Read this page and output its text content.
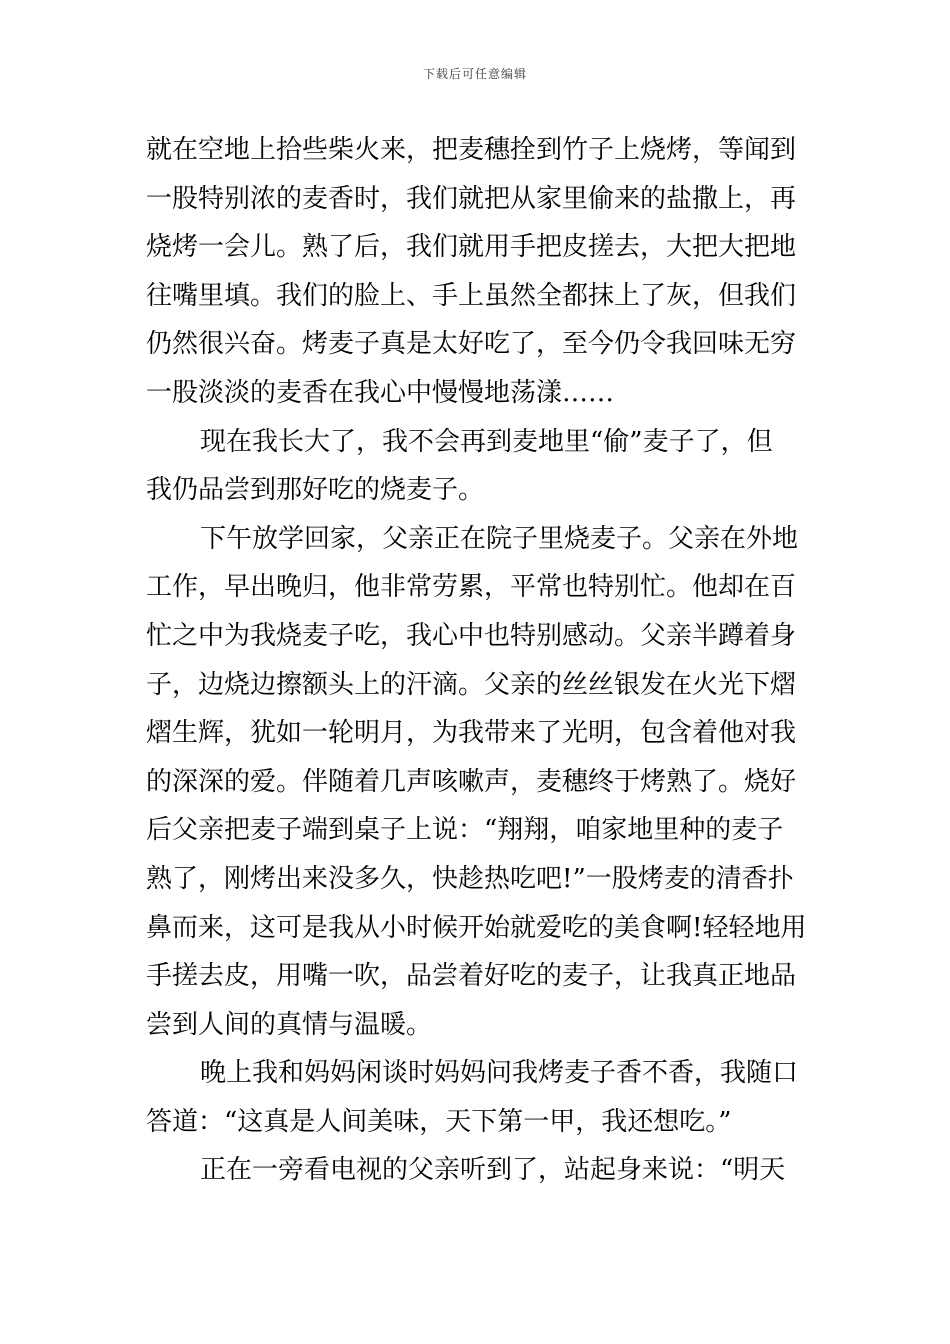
下载后可任意编辑
就在空地上拾些柴火来，把麦穗拴到竹子上烧烤，等闻到
一股特别浓的麦香时，我们就把从家里偷来的盐撒上，再
烧烤一会儿。熟了后，我们就用手把皮搓去，大把大把地
往嘴里填。我们的脸上、手上虽然全都抹上了灰，但我们
仍然很兴奋。烤麦子真是太好吃了，至今仍令我回味无穷
一股淡淡的麦香在我心中慢慢地荡漾……
现在我长大了，我不会再到麦地里“偷”麦子了，但
我仍品尝到那好吃的烧麦子。
下午放学回家，父亲正在院子里烧麦子。父亲在外地
工作，早出晚归，他非常劳累，平常也特别忙。他却在百
忙之中为我烧麦子吃，我心中也特别感动。父亲半蹲着身
子，边烧边擦额头上的汗滴。父亲的丝丝银发在火光下熠
熠生辉，犹如一轮明月，为我带来了光明，包含着他对我
的深深的爱。伴随着几声咳嗽声，麦穗终于烤熟了。烧好
后父亲把麦子端到桌子上说：“翔翔，咱家地里种的麦子
熟了，刚烤出来没多久，快趁热吃吧!”一股烤麦的清香扑
鼻而来，这可是我从小时候开始就爱吃的美食啊!轻轻地用
手搓去皮，用嘴一吹，品尝着好吃的麦子，让我真正地品
尝到人间的真情与温暖。
晚上我和妈妈闲谈时妈妈问我烤麦子香不香，我随口
答道：“这真是人间美味，天下第一甲，我还想吃。”
正在一旁看电视的父亲听到了，站起身来说：“明天
